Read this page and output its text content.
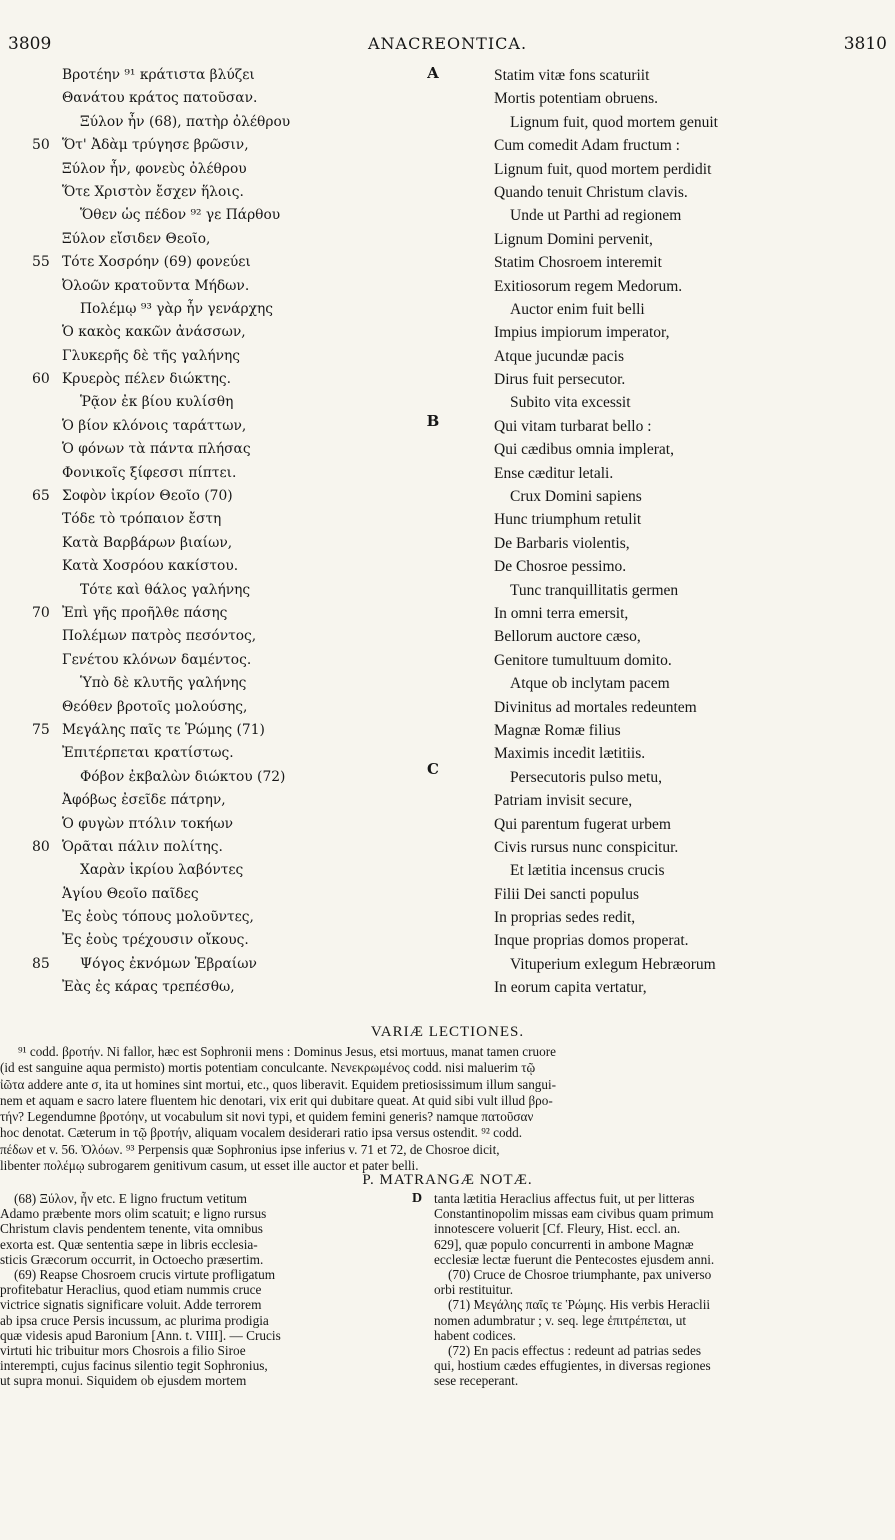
3809	ANACREONTICA.	3810
Βροτέην ⁹¹ κράτιστα βλύζει
Θανάτου κράτος πατοῦσαν.
Ξύλον ἦν (68), πατὴρ ὀλέθρου
50 Ὅτ' Ἀδὰμ τρύγησε βρῶσιν,
Ξύλον ἦν, φονεὺς ὀλέθρου
Ὅτε Χριστὸν ἔσχεν ἥλοις.
Ὅθεν ὡς πέδον ⁹² γε Πάρθου
Ξύλον εἴσιδεν Θεοῖο,
55 Τότε Χοσρόην (69) φονεύει
Ὀλοῶν κρατοῦντα Μήδων.
Πολέμῳ ⁹³ γὰρ ἦν γενάρχης
Ὁ κακὸς κακῶν ἀνάσσων,
Γλυκερῆς δὲ τῆς γαλήνης
60 Κρυερὸς πέλεν διώκτης.
Ῥᾷον ἐκ βίου κυλίσθη
Ὁ βίον κλόνοις ταράττων,
Ὁ φόνων τὰ πάντα πλήσας
Φονικοῖς ξίφεσσι πίπτει.
65 Σοφὸν ἰκρίον Θεοῖο (70)
Τόδε τὸ τρόπαιον ἔστη
Κατὰ Βαρβάρων βιαίων,
Κατὰ Χοσρόου κακίστου.
Τότε καὶ θάλος γαλήνης
70 Ἐπὶ γῆς προῆλθε πάσης
Πολέμων πατρὸς πεσόντος,
Γενέτου κλόνων δαμέντος.
Ὑπὸ δὲ κλυτῆς γαλήνης
Θεόθεν βροτοῖς μολούσης,
75 Μεγάλης παῖς τε Ῥώμης (71)
Ἐπιτέρπεται κρατίστως.
Φόβον ἐκβαλὼν διώκτου (72)
Ἀφόβως ἐσεῖδε πάτρην,
Ὁ φυγὼν πτόλιν τοκήων
80 Ὁρᾶται πάλιν πολίτης.
Χαρὰν ἰκρίου λαβόντες
Ἁγίου Θεοῖο παῖδες
Ἐς ἑοὺς τόπους μολοῦντες,
Ἐς ἑοὺς τρέχουσιν οἴκους.
85	Ψόγος ἐκνόμων Ἑβραίων
Ἐὰς ἐς κάρας τρεπέσθω,
Statim vitæ fons scaturiit
Mortis potentiam obruens.
Lignum fuit, quod mortem genuit
Cum comedit Adam fructum :
Lignum fuit, quod mortem perdidit
Quando tenuit Christum clavis.
Unde ut Parthi ad regionem
Lignum Domini pervenit,
Statim Chosroem interemit
Exitiosorum regem Medorum.
Auctor enim fuit belli
Impius impiorum imperator,
Atque jucundæ pacis
Dirus fuit persecutor.
Subito vita excessit
Qui vitam turbarat bello :
Qui cædibus omnia implerat,
Ense cæditur letali.
Crux Domini sapiens
Hunc triumphum retulit
De Barbaris violentis,
De Chosroe pessimo.
Tunc tranquillitatis germen
In omni terra emersit,
Bellorum auctore cæso,
Genitore tumultuum domito.
Atque ob inclytam pacem
Divinitus ad mortales redeuntem
Magnæ Romæ filius
Maximis incedit lætitiis.
Persecutoris pulso metu,
Patriam invisit secure,
Qui parentum fugerat urbem
Civis rursus nunc conspicitur.
Et lætitia incensus crucis
Filii Dei sancti populus
In proprias sedes redit,
Inque proprias domos properat.
Vituperium exlegum Hebræorum
In eorum capita vertatur,
A
B
C
VARIÆ LECTIONES.
⁹¹ codd. βροτήν. Ni fallor, hæc est Sophronii mens : Dominus Jesus, etsi mortuus, manat tamen cruore
(id est sanguine aqua permisto) mortis potentiam conculcante. Νενεκρωμένος codd. nisi maluerim τῷ
ἰῶτα addere ante σ, ita ut homines sint mortui, etc., quos liberavit. Equidem pretiosissimum illum sangui-
nem et aquam e sacro latere fluentem hic denotari, vix erit qui dubitare queat. At quid sibi vult illud βρο-
τήν? Legendumne βροτόην, ut vocabulum sit novi typi, et quidem femini generis? namque πατοῦσαν
hoc denotat. Cæterum in τῷ βροτήν, aliquam vocalem desiderari ratio ipsa versus ostendit. ⁹² codd.
πέδων et v. 56. Ὀλόων. ⁹³ Perpensis quæ Sophronius ipse inferius v. 71 et 72, de Chosroe dicit,
libenter πολέμῳ subrogarem genitivum casum, ut esset ille auctor et pater belli.
P. MATRANGÆ NOTÆ.
D
(68) Ξύλον, ἦν etc. E ligno fructum vetitum
Adamo præbente mors olim scatuit; e ligno rursus
Christum clavis pendentem tenente, vita omnibus
exorta est. Quæ sententia sæpe in libris ecclesia-
sticis Græcorum occurrit, in Octoecho præsertim.
(69) Reapse Chosroem crucis virtute profligatum
profitebatur Heraclius, quod etiam nummis cruce
victrice signatis significare voluit. Adde terrorem
ab ipsa cruce Persis incussum, ac plurima prodigia
quæ videsis apud Baronium [Ann. t. VIII]. — Crucis
virtuti hic tribuitur mors Chosrois a filio Siroe
interempti, cujus facinus silentio tegit Sophronius,
ut supra monui. Siquidem ob ejusdem mortem
tanta lætitia Heraclius affectus fuit, ut per litteras
Constantinopolim missas eam civibus quam primum
innotescere voluerit [Cf. Fleury, Hist. eccl. an.
629], quæ populo concurrenti in ambone Magnæ
ecclesiæ lectæ fuerunt die Pentecostes ejusdem anni.
(70) Cruce de Chosroe triumphante, pax universo
orbi restituitur.
(71) Μεγάλης παῖς τε Ῥώμης. His verbis Heraclii
nomen adumbratur ; v. seq. lege ἐπιτρέπεται, ut
habent codices.
(72) En pacis effectus : redeunt ad patrias sedes
qui, hostium cædes effugientes, in diversas regiones
sese receperant.
